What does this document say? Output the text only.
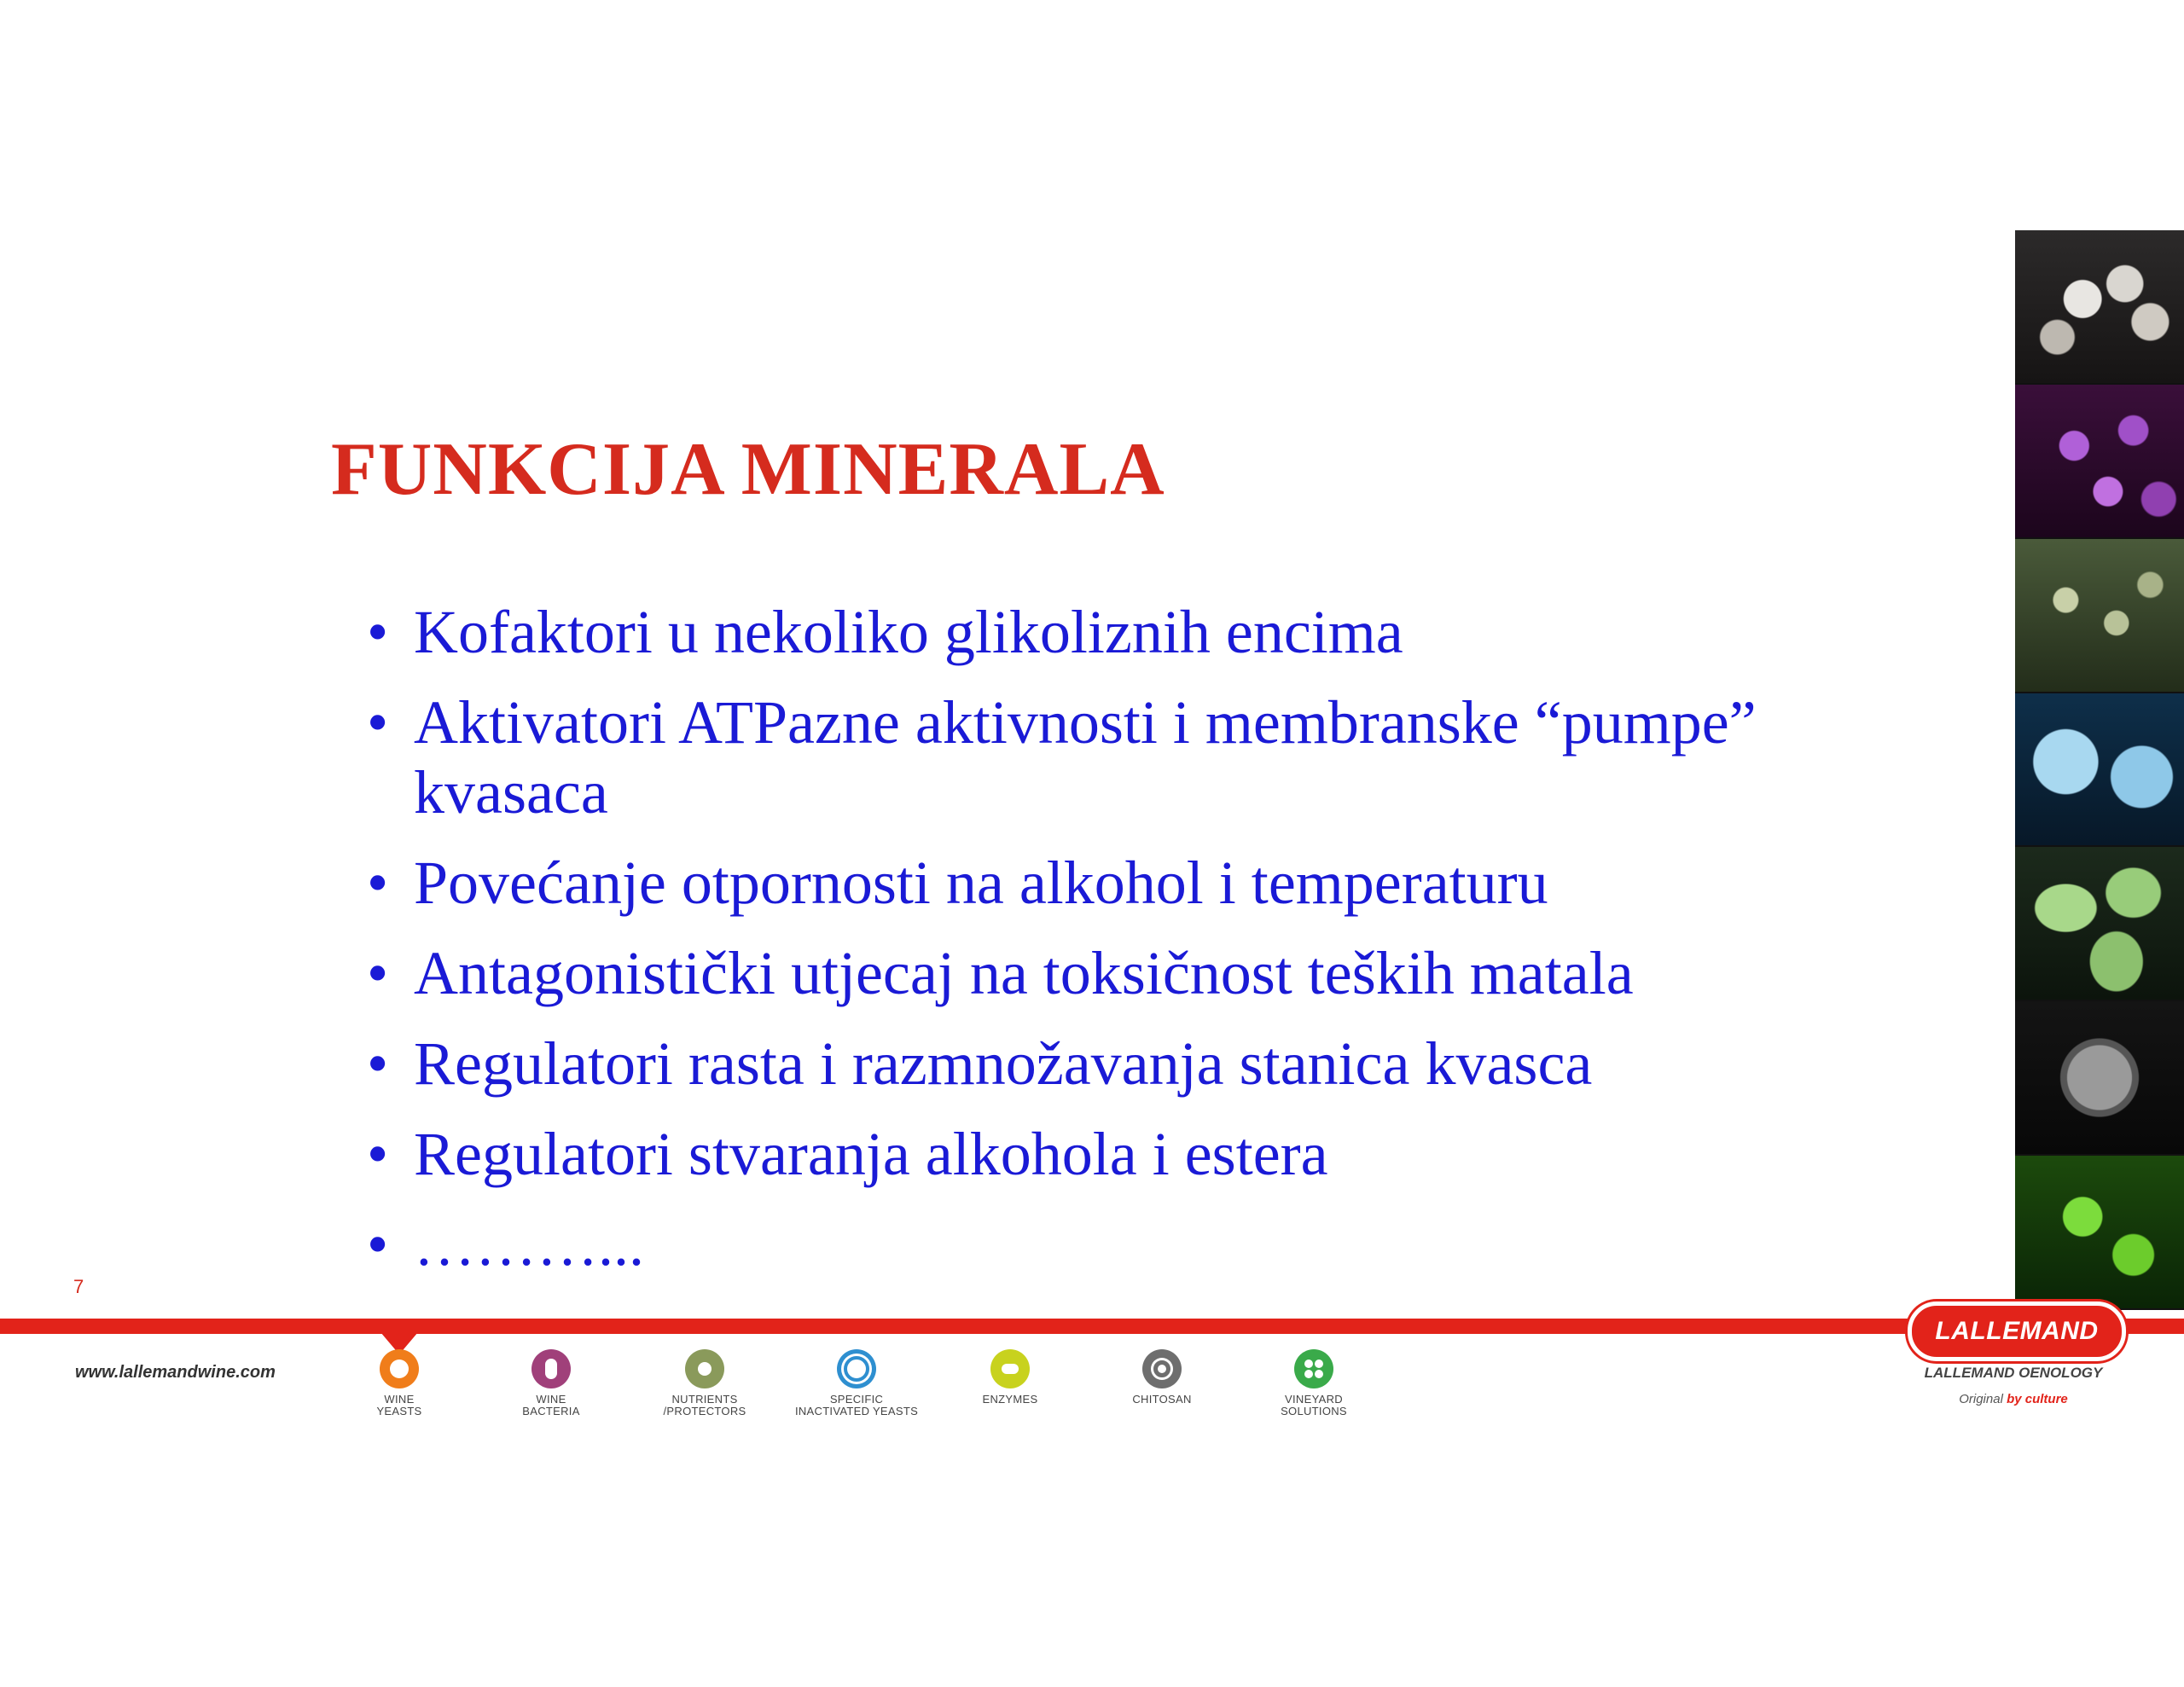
FUNKCIJA MINERALA
• Kofaktori u nekoliko glikoliznih encima
• Aktivatori ATPazne aktivnosti i membranske “pumpe” kvasaca
• Povećanje otpornosti na alkohol i temperaturu
• Antagonistički utjecaj na toksičnost teških matala
• Regulatori rasta i razmnožavanja stanica kvasca
• Regulatori stvaranja alkohola i estera
• ………...
7
www.lallemandwine.com
WINE
YEASTS
WINE
BACTERIA
NUTRIENTS
/PROTECTORS
SPECIFIC
INACTIVATED YEASTS
ENZYMES	CHITOSAN	VINEYARD
SOLUTIONS
LALLEMAND
LALLEMAND OENOLOGY
Original by culture
